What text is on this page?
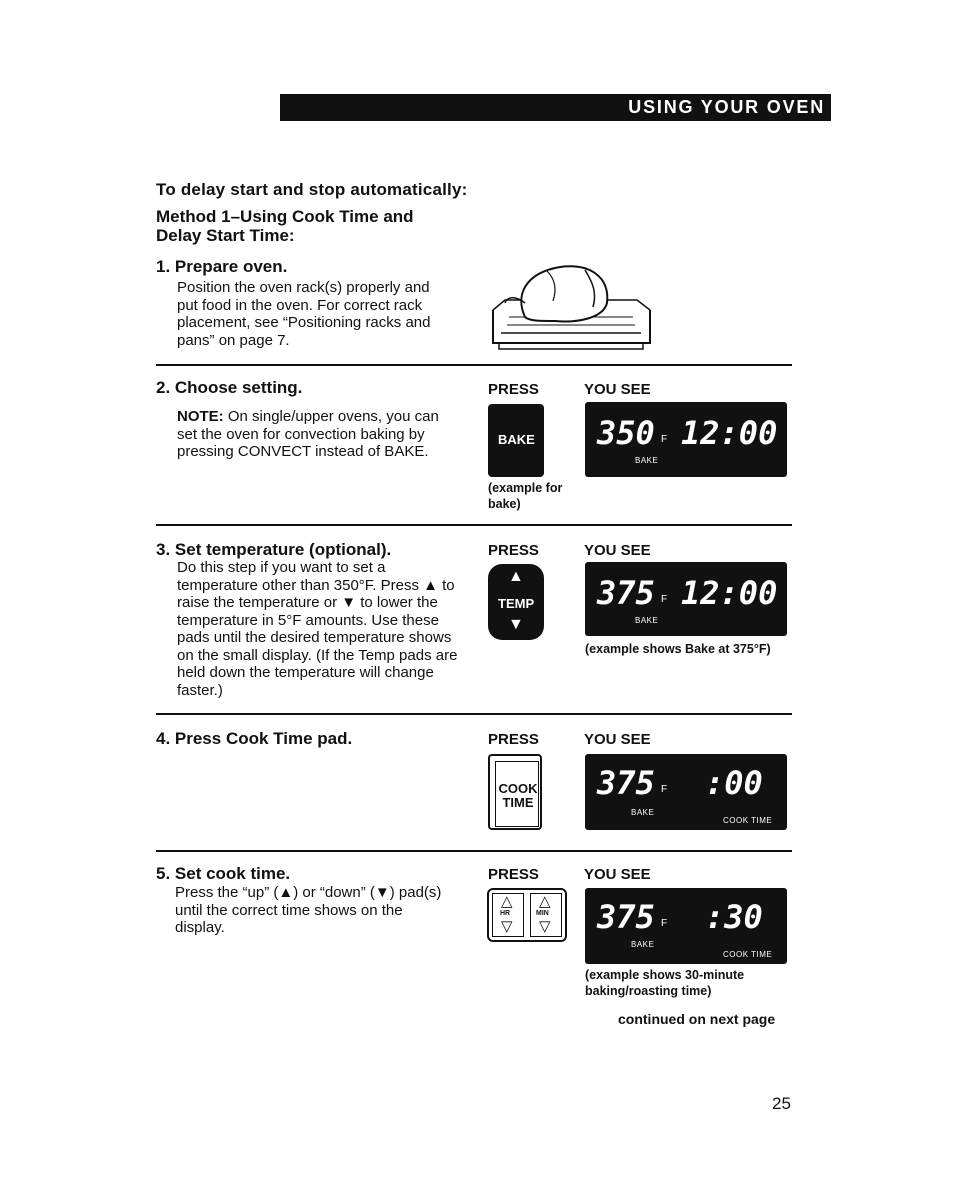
USING YOUR OVEN
To delay start and stop automatically:
Method 1–Using Cook Time and Delay Start Time:
1. Prepare oven.
Position the oven rack(s) properly and put food in the oven. For correct rack placement, see “Positioning racks and pans” on page 7.
2. Choose setting.
NOTE: On single/upper ovens, you can set the oven for convection baking by pressing CONVECT instead of BAKE.
PRESS	YOU SEE
BAKE
(example for bake)
350 F 12:00
BAKE
3. Set temperature (optional).
Do this step if you want to set a temperature other than 350°F. Press ▲ to raise the temperature or ▼ to lower the temperature in 5°F amounts. Use these pads until the desired temperature shows on the small display. (If the Temp pads are held down the temperature will change faster.)
PRESS	YOU SEE
▲
TEMP
▼
375 F 12:00
BAKE
(example shows Bake at 375°F)
4. Press Cook Time pad.	PRESS	YOU SEE
COOK TIME
375 F :00
BAKE
COOK TIME
5. Set cook time.
Press the “up” (▲) or “down” (▼) pad(s) until the correct time shows on the display.
PRESS	YOU SEE
△
HR
▽
△
MIN
▽ 375 F :30
BAKE
COOK TIME
(example shows 30-minute baking/roasting time)
continued on next page
25
